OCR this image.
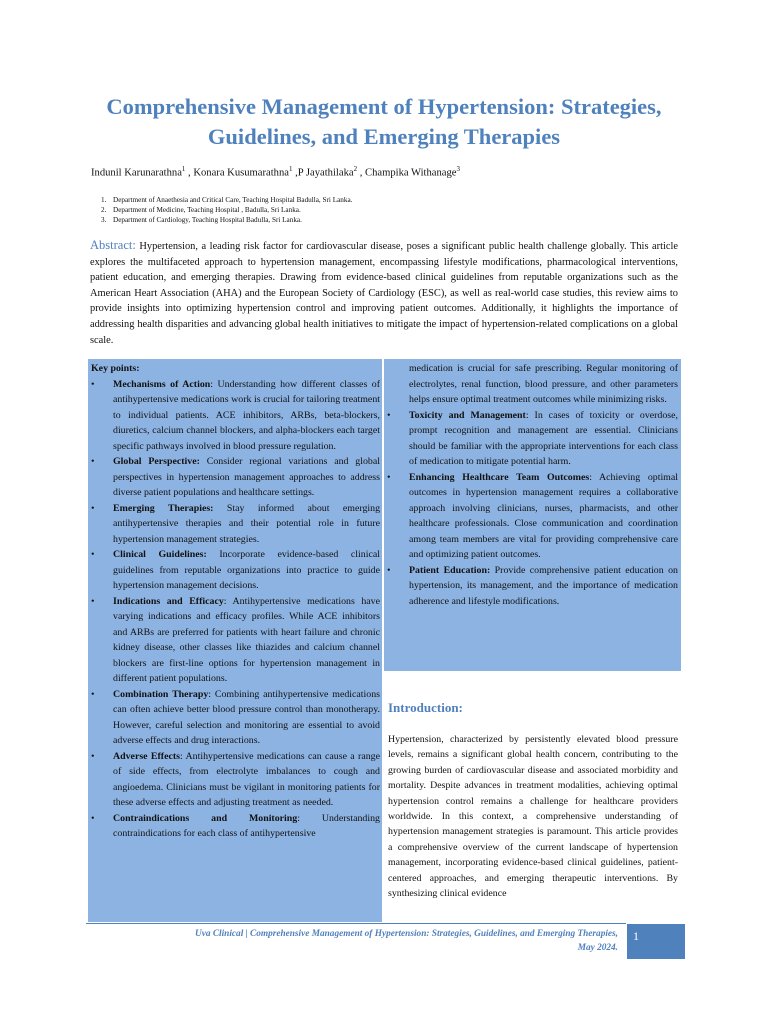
Comprehensive Management of Hypertension: Strategies,
Guidelines, and Emerging Therapies
Indunil Karunarathna$^1$ , Konara Kusumarathna$^1$ ,P Jayathilaka$^2$ , Champika Withanage$^3$
1. Department of Anaethesia and Critical Care, Teaching Hospital Badulla, Sri Lanka.
2. Department of Medicine, Teaching Hospital , Badulla, Sri Lanka.
3. Department of Cardiology, Teaching Hospital Badulla, Sri Lanka.
Abstract: Hypertension, a leading risk factor for cardiovascular disease, poses a significant public health challenge globally. This article explores the multifaceted approach to hypertension management, encompassing lifestyle modifications, pharmacological interventions, patient education, and emerging therapies. Drawing from evidence-based clinical guidelines from reputable organizations such as the American Heart Association (AHA) and the European Society of Cardiology (ESC), as well as real-world case studies, this review aims to provide insights into optimizing hypertension control and improving patient outcomes. Additionally, it highlights the importance of addressing health disparities and advancing global health initiatives to mitigate the impact of hypertension-related complications on a global scale.
Key points:
• Mechanisms of Action: Understanding how different classes of antihypertensive medications work is crucial for tailoring treatment to individual patients. ACE inhibitors, ARBs, beta-blockers, diuretics, calcium channel blockers, and alpha-blockers each target specific pathways involved in blood pressure regulation.
• Global Perspective: Consider regional variations and global perspectives in hypertension management approaches to address diverse patient populations and healthcare settings.
• Emerging Therapies: Stay informed about emerging antihypertensive therapies and their potential role in future hypertension management strategies.
• Clinical Guidelines: Incorporate evidence-based clinical guidelines from reputable organizations into practice to guide hypertension management decisions.
• Indications and Efficacy: Antihypertensive medications have varying indications and efficacy profiles. While ACE inhibitors and ARBs are preferred for patients with heart failure and chronic kidney disease, other classes like thiazides and calcium channel blockers are first-line options for hypertension management in different patient populations.
• Combination Therapy: Combining antihypertensive medications can often achieve better blood pressure control than monotherapy. However, careful selection and monitoring are essential to avoid adverse effects and drug interactions.
• Adverse Effects: Antihypertensive medications can cause a range of side effects, from electrolyte imbalances to cough and angioedema. Clinicians must be vigilant in monitoring patients for these adverse effects and adjusting treatment as needed.
• Contraindications and Monitoring: Understanding contraindications for each class of antihypertensive
medication is crucial for safe prescribing. Regular monitoring of electrolytes, renal function, blood pressure, and other parameters helps ensure optimal treatment outcomes while minimizing risks.
• Toxicity and Management: In cases of toxicity or overdose, prompt recognition and management are essential. Clinicians should be familiar with the appropriate interventions for each class of medication to mitigate potential harm.
• Enhancing Healthcare Team Outcomes: Achieving optimal outcomes in hypertension management requires a collaborative approach involving clinicians, nurses, pharmacists, and other healthcare professionals. Close communication and coordination among team members are vital for providing comprehensive care and optimizing patient outcomes.
• Patient Education: Provide comprehensive patient education on hypertension, its management, and the importance of medication adherence and lifestyle modifications.
Introduction:
Hypertension, characterized by persistently elevated blood pressure levels, remains a significant global health concern, contributing to the growing burden of cardiovascular disease and associated morbidity and mortality. Despite advances in treatment modalities, achieving optimal hypertension control remains a challenge for healthcare providers worldwide. In this context, a comprehensive understanding of hypertension management strategies is paramount. This article provides a comprehensive overview of the current landscape of hypertension management, incorporating evidence-based clinical guidelines, patient-centered approaches, and emerging therapeutic interventions. By synthesizing clinical evidence
Uva Clinical | Comprehensive Management of Hypertension: Strategies, Guidelines, and Emerging Therapies,
May 2024.
1
